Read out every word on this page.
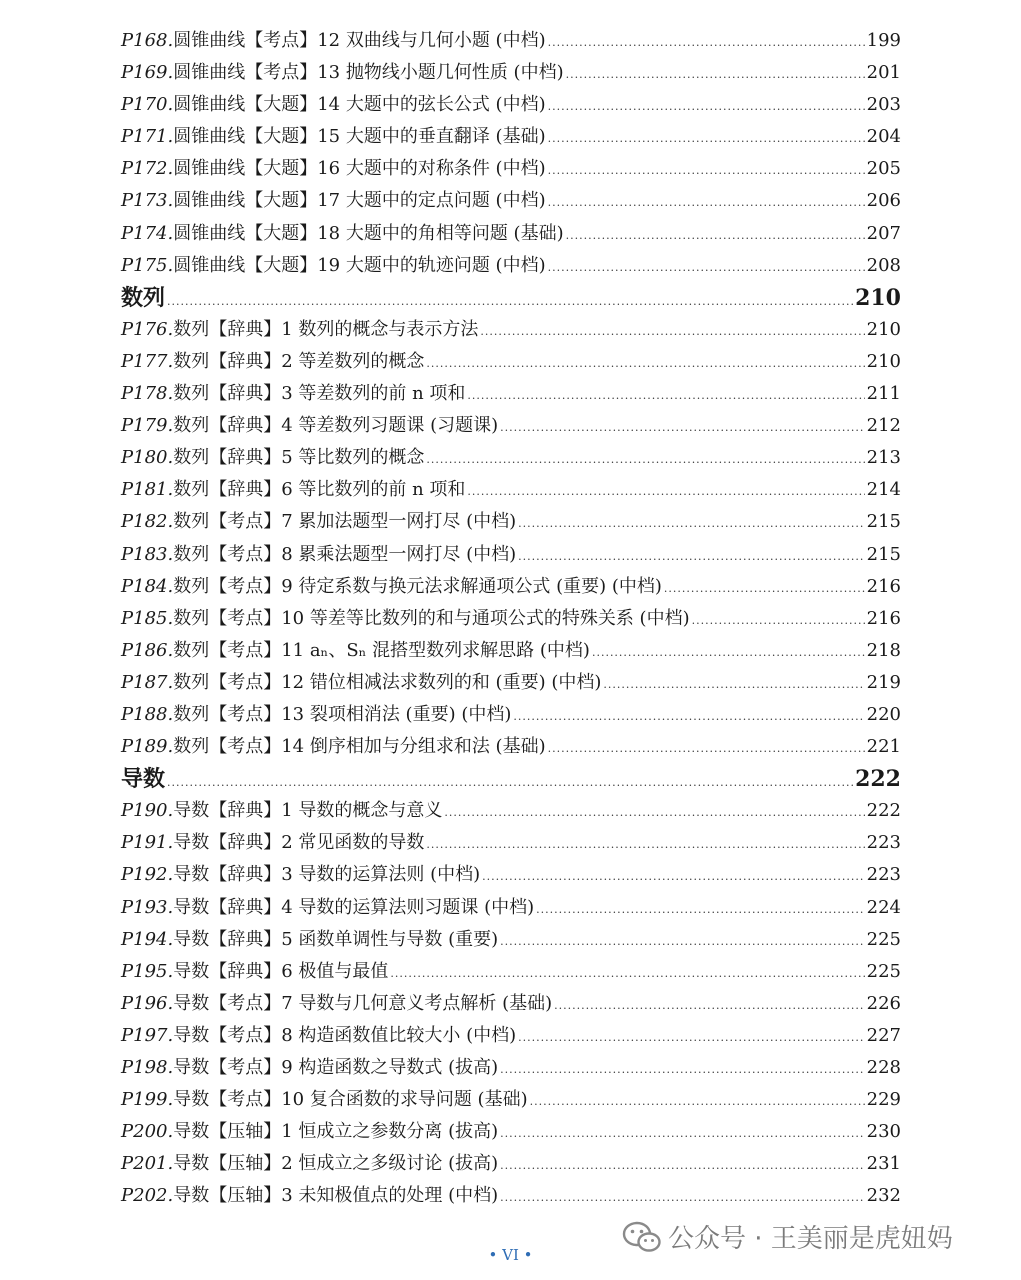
P168. 圆锥曲线【考点】12 双曲线与几何小题 (中档) .....	199
P169. 圆锥曲线【考点】13 抛物线小题几何性质 (中档) .....	201
P170. 圆锥曲线【大题】14 大题中的弦长公式 (中档) .....	203
P171. 圆锥曲线【大题】15 大题中的垂直翻译 (基础) .....	204
P172. 圆锥曲线【大题】16 大题中的对称条件 (中档) .....	205
P173. 圆锥曲线【大题】17 大题中的定点问题 (中档) .....	206
P174. 圆锥曲线【大题】18 大题中的角相等问题 (基础) .....	207
P175. 圆锥曲线【大题】19 大题中的轨迹问题 (中档) .....	208
数列 .....	210
P176. 数列【辞典】1 数列的概念与表示方法 .....	210
P177. 数列【辞典】2 等差数列的概念 .....	210
P178. 数列【辞典】3 等差数列的前 n 项和 .....	211
P179. 数列【辞典】4 等差数列习题课 (习题课) .....	212
P180. 数列【辞典】5 等比数列的概念 .....	213
P181. 数列【辞典】6 等比数列的前 n 项和 .....	214
P182. 数列【考点】7 累加法题型一网打尽 (中档) .....	215
P183. 数列【考点】8 累乘法题型一网打尽 (中档) .....	215
P184. 数列【考点】9 待定系数与换元法求解通项公式 (重要) (中档) .....	216
P185. 数列【考点】10 等差等比数列的和与通项公式的特殊关系 (中档) .....	216
P186. 数列【考点】11 aₙ、Sₙ 混搭型数列求解思路 (中档) .....	218
P187. 数列【考点】12 错位相减法求数列的和 (重要) (中档) .....	219
P188. 数列【考点】13 裂项相消法 (重要) (中档) .....	220
P189. 数列【考点】14 倒序相加与分组求和法 (基础) .....	221
导数 .....	222
P190. 导数【辞典】1 导数的概念与意义 .....	222
P191. 导数【辞典】2 常见函数的导数 .....	223
P192. 导数【辞典】3 导数的运算法则 (中档) .....	223
P193. 导数【辞典】4 导数的运算法则习题课 (中档) .....	224
P194. 导数【辞典】5 函数单调性与导数 (重要) .....	225
P195. 导数【辞典】6 极值与最值 .....	225
P196. 导数【考点】7 导数与几何意义考点解析 (基础) .....	226
P197. 导数【考点】8 构造函数值比较大小 (中档) .....	227
P198. 导数【考点】9 构造函数之导数式 (拔高) .....	228
P199. 导数【考点】10 复合函数的求导问题 (基础) .....	229
P200. 导数【压轴】1 恒成立之参数分离 (拔高) .....	230
P201. 导数【压轴】2 恒成立之多级讨论 (拔高) .....	231
P202. 导数【压轴】3 未知极值点的处理 (中档) .....	232
公众号 · 王美丽是虎妞妈
• VI •
